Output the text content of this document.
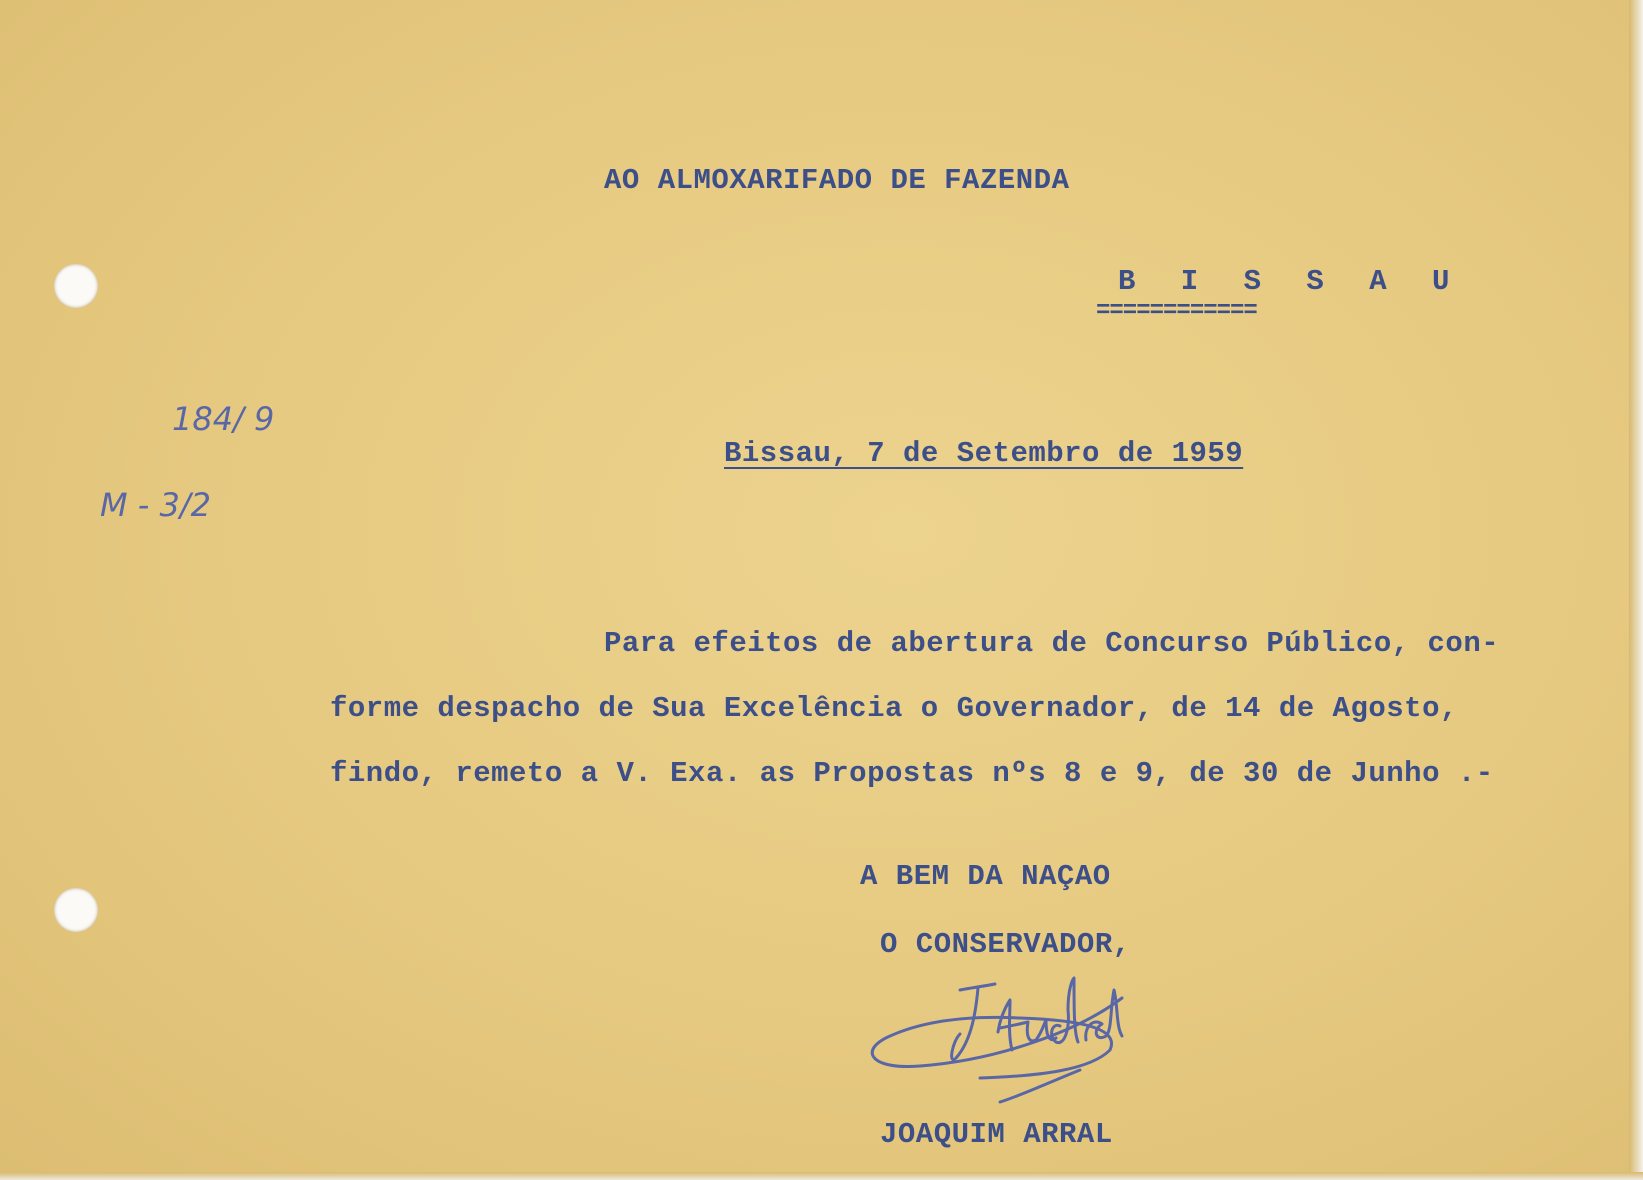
AO ALMOXARIFADO DE FAZENDA

B I S S A U

============

184/ 9

M - 3/2

Bissau, 7 de Setembro de 1959

Para efeitos de abertura de Concurso Público, con-

forme despacho de Sua Excelência o Governador, de 14 de Agosto,

findo, remeto a V. Exa. as Propostas nºs 8 e 9, de 30 de Junho .-

A BEM DA NAÇAO

O CONSERVADOR,

JOAQUIM ARRAL
